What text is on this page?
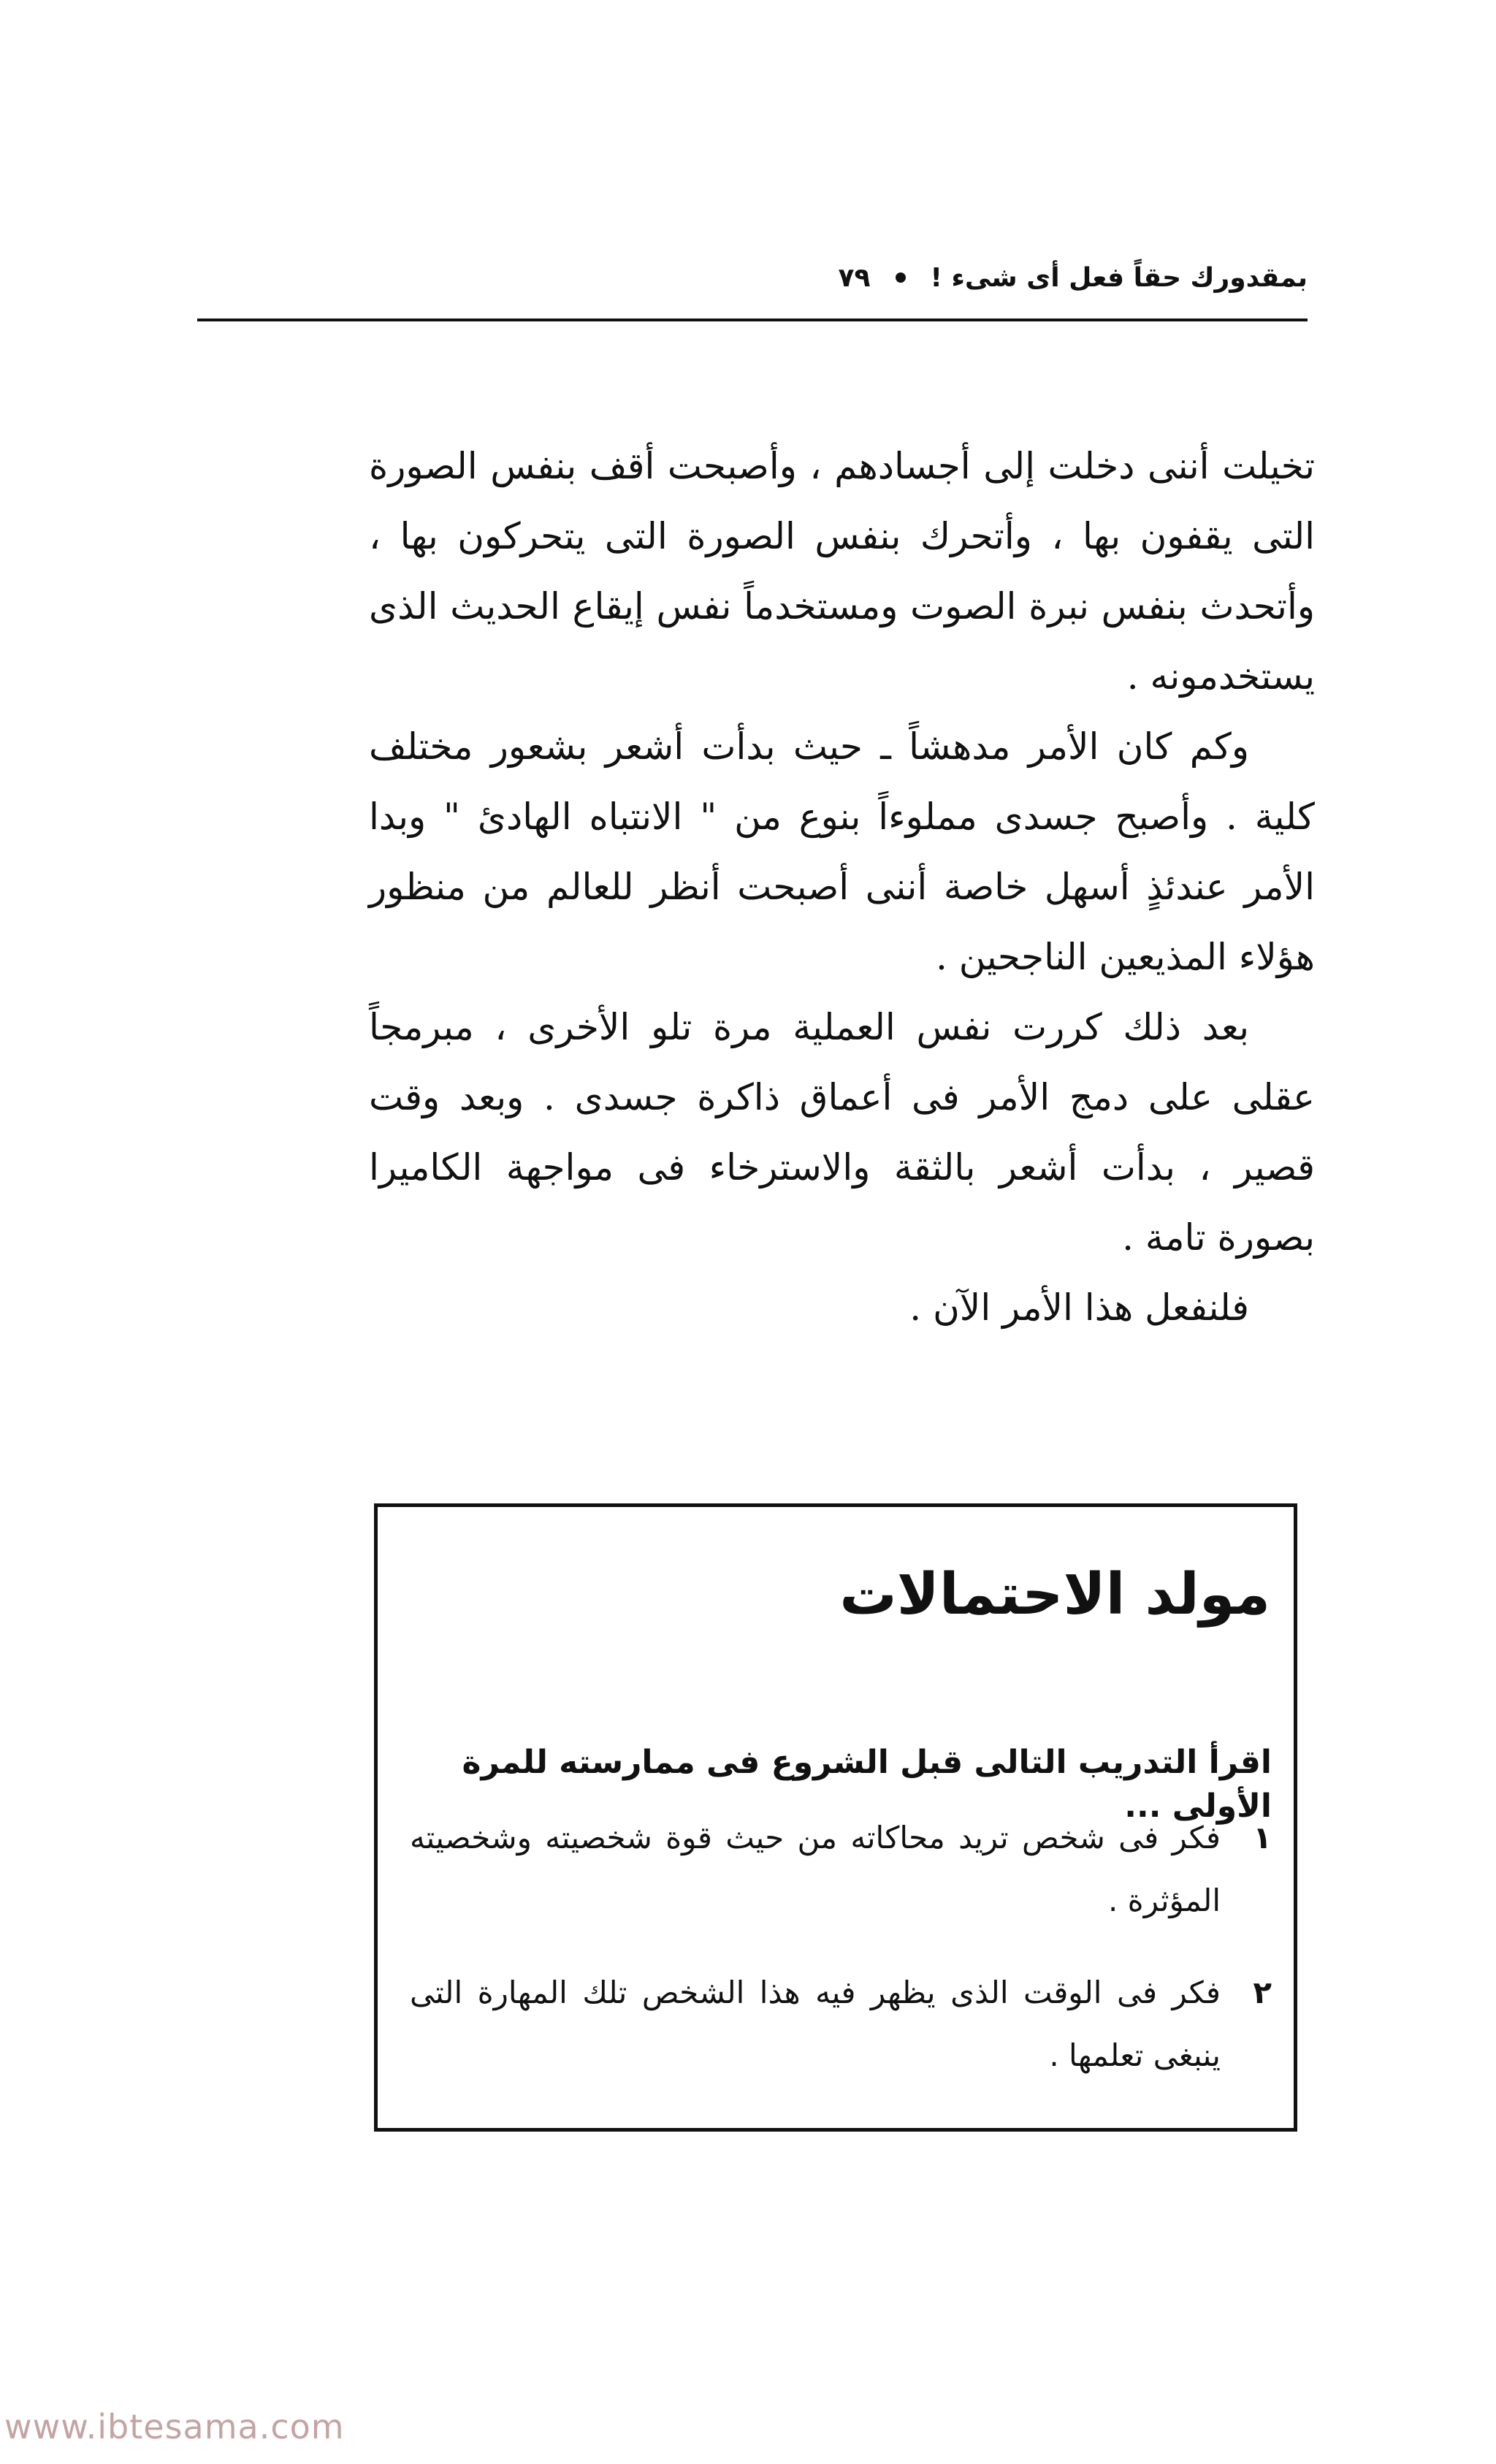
بمقدورك حقاً فعل أى شىء !
٧٩

تخيلت أننى دخلت إلى أجسادهم ، وأصبحت أقف بنفس الصورة التى يقفون بها ، وأتحرك بنفس الصورة التى يتحركون بها ، وأتحدث بنفس نبرة الصوت ومستخدماً نفس إيقاع الحديث الذى يستخدمونه .

وكم كان الأمر مدهشاً ـ حيث بدأت أشعر بشعور مختلف كلية . وأصبح جسدى مملوءاً بنوع من " الانتباه الهادئ " وبدا الأمر عندئذٍ أسهل خاصة أننى أصبحت أنظر للعالم من منظور هؤلاء المذيعين الناجحين .

بعد ذلك كررت نفس العملية مرة تلو الأخرى ، مبرمجاً عقلى على دمج الأمر فى أعماق ذاكرة جسدى . وبعد وقت قصير ، بدأت أشعر بالثقة والاسترخاء فى مواجهة الكاميرا بصورة تامة .

فلنفعل هذا الأمر الآن .

مولد الاحتمالات

اقرأ التدريب التالى قبل الشروع فى ممارسته للمرة الأولى ...

١
فكر فى شخص تريد محاكاته من حيث قوة شخصيته وشخصيته المؤثرة .
٢
فكر فى الوقت الذى يظهر فيه هذا الشخص تلك المهارة التى ينبغى تعلمها .
www.ibtesama.com
